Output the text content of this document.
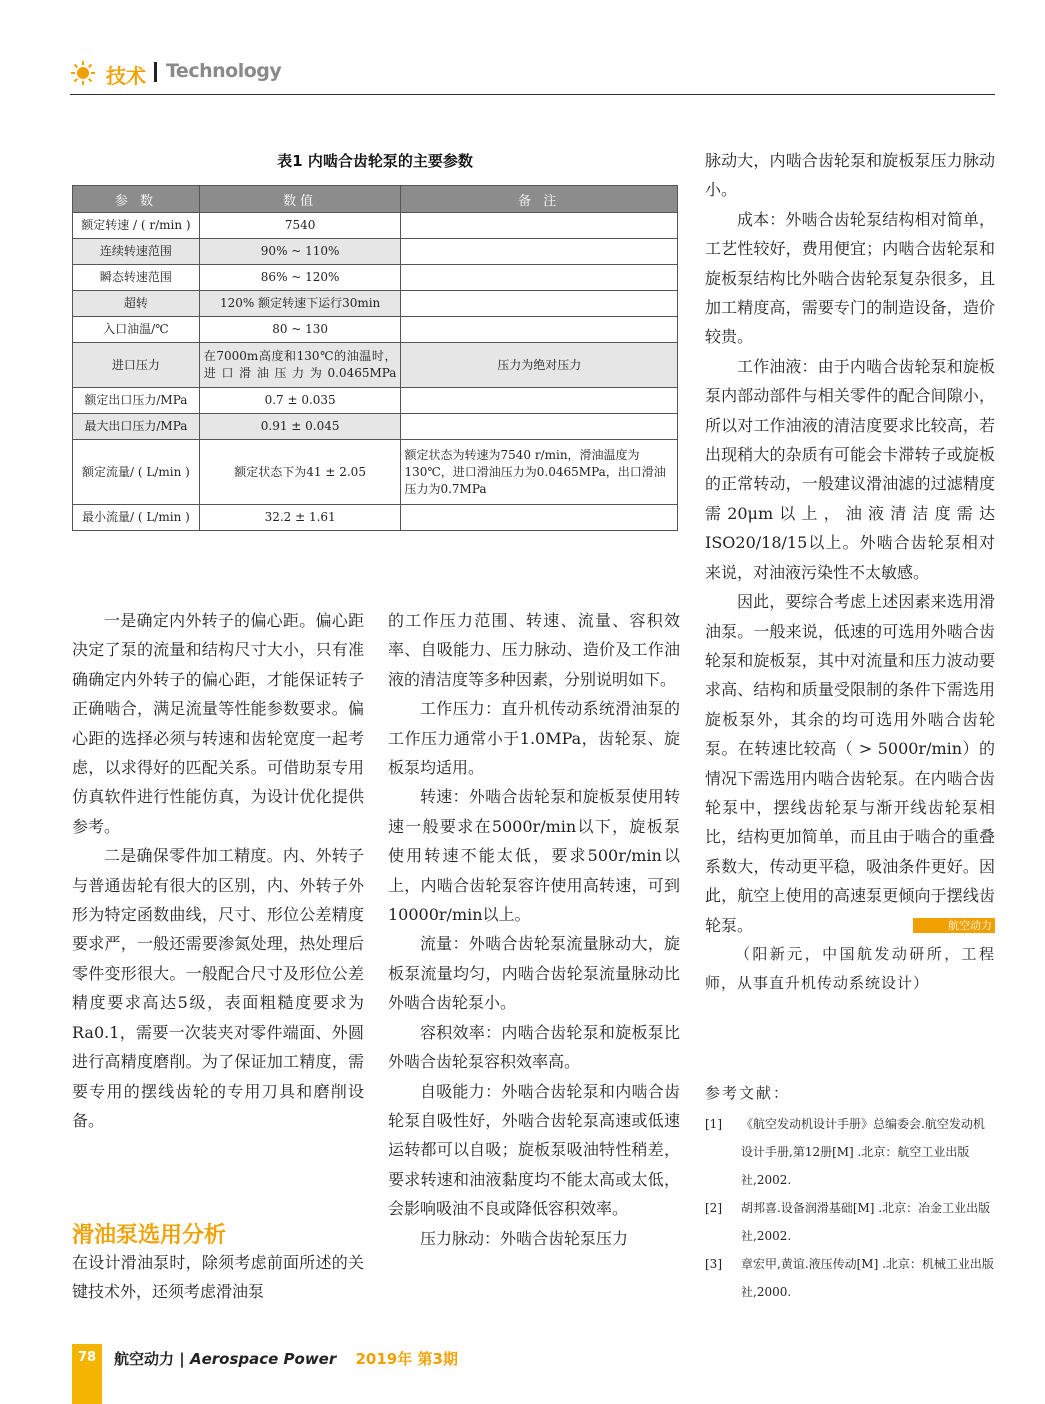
技术 Technology
表1 内啮合齿轮泵的主要参数
参 数	数值	备 注
额定转速 / ( r/min )	7540	
连续转速范围	90% ~ 110%	
瞬态转速范围	86% ~ 120%	
超转	120% 额定转速下运行30min	
入口油温/℃	80 ~ 130	
进口压力	在7000m高度和130℃的油温时，进口滑油压力为0.0465MPa	压力为绝对压力
额定出口压力/MPa	0.7 ± 0.035	
最大出口压力/MPa	0.91 ± 0.045	
额定流量/ ( L/min )	额定状态下为41 ± 2.05	额定状态为转速为7540 r/min，滑油温度为130℃，进口滑油压力为0.0465MPa，出口滑油压力为0.7MPa
最小流量/ ( L/min )	32.2 ± 1.61	

一是确定内外转子的偏心距。偏心距决定了泵的流量和结构尺寸大小，只有准确确定内外转子的偏心距，才能保证转子正确啮合，满足流量等性能参数要求。偏心距的选择必须与转速和齿轮宽度一起考虑，以求得好的匹配关系。可借助泵专用仿真软件进行性能仿真，为设计优化提供参考。

二是确保零件加工精度。内、外转子与普通齿轮有很大的区别，内、外转子外形为特定函数曲线，尺寸、形位公差精度要求严，一般还需要渗氮处理，热处理后零件变形很大。一般配合尺寸及形位公差精度要求高达5级，表面粗糙度要求为Ra0.1，需要一次装夹对零件端面、外圆进行高精度磨削。为了保证加工精度，需要专用的摆线齿轮的专用刀具和磨削设备。

滑油泵选用分析

在设计滑油泵时，除须考虑前面所述的关键技术外，还须考虑滑油泵

的工作压力范围、转速、流量、容积效率、自吸能力、压力脉动、造价及工作油液的清洁度等多种因素，分别说明如下。

工作压力：直升机传动系统滑油泵的工作压力通常小于1.0MPa，齿轮泵、旋板泵均适用。

转速：外啮合齿轮泵和旋板泵使用转速一般要求在5000r/min以下，旋板泵使用转速不能太低，要求500r/min以上，内啮合齿轮泵容许使用高转速，可到10000r/min以上。

流量：外啮合齿轮泵流量脉动大，旋板泵流量均匀，内啮合齿轮泵流量脉动比外啮合齿轮泵小。

容积效率：内啮合齿轮泵和旋板泵比外啮合齿轮泵容积效率高。

自吸能力：外啮合齿轮泵和内啮合齿轮泵自吸性好，外啮合齿轮泵高速或低速运转都可以自吸；旋板泵吸油特性稍差，要求转速和油液黏度均不能太高或太低，会影响吸油不良或降低容积效率。

压力脉动：外啮合齿轮泵压力

脉动大，内啮合齿轮泵和旋板泵压力脉动小。

成本：外啮合齿轮泵结构相对简单，工艺性较好，费用便宜；内啮合齿轮泵和旋板泵结构比外啮合齿轮泵复杂很多，且加工精度高，需要专门的制造设备，造价较贵。

工作油液：由于内啮合齿轮泵和旋板泵内部动部件与相关零件的配合间隙小，所以对工作油液的清洁度要求比较高，若出现稍大的杂质有可能会卡滞转子或旋板的正常转动，一般建议滑油滤的过滤精度需20μm以上，油液清洁度需达ISO20/18/15以上。外啮合齿轮泵相对来说，对油液污染性不太敏感。

因此，要综合考虑上述因素来选用滑油泵。一般来说，低速的可选用外啮合齿轮泵和旋板泵，其中对流量和压力波动要求高、结构和质量受限制的条件下需选用旋板泵外，其余的均可选用外啮合齿轮泵。在转速比较高（ > 5000r/min）的情况下需选用内啮合齿轮泵。在内啮合齿轮泵中，摆线齿轮泵与渐开线齿轮泵相比，结构更加简单，而且由于啮合的重叠系数大，传动更平稳，吸油条件更好。因此，航空上使用的高速泵更倾向于摆线齿轮泵。	航空动力

（阳新元，中国航发动研所，工程师，从事直升机传动系统设计）

参考文献：
[1] 《航空发动机设计手册》总编委会.航空发动机设计手册,第12册[M] .北京：航空工业出版社,2002.
[2] 胡邦喜.设备润滑基础[M] .北京：冶金工业出版社,2002.
[3] 章宏甲,黄谊.液压传动[M] .北京：机械工业出版社,2000.
78	航空动力 | Aerospace Power 2019年 第3期
